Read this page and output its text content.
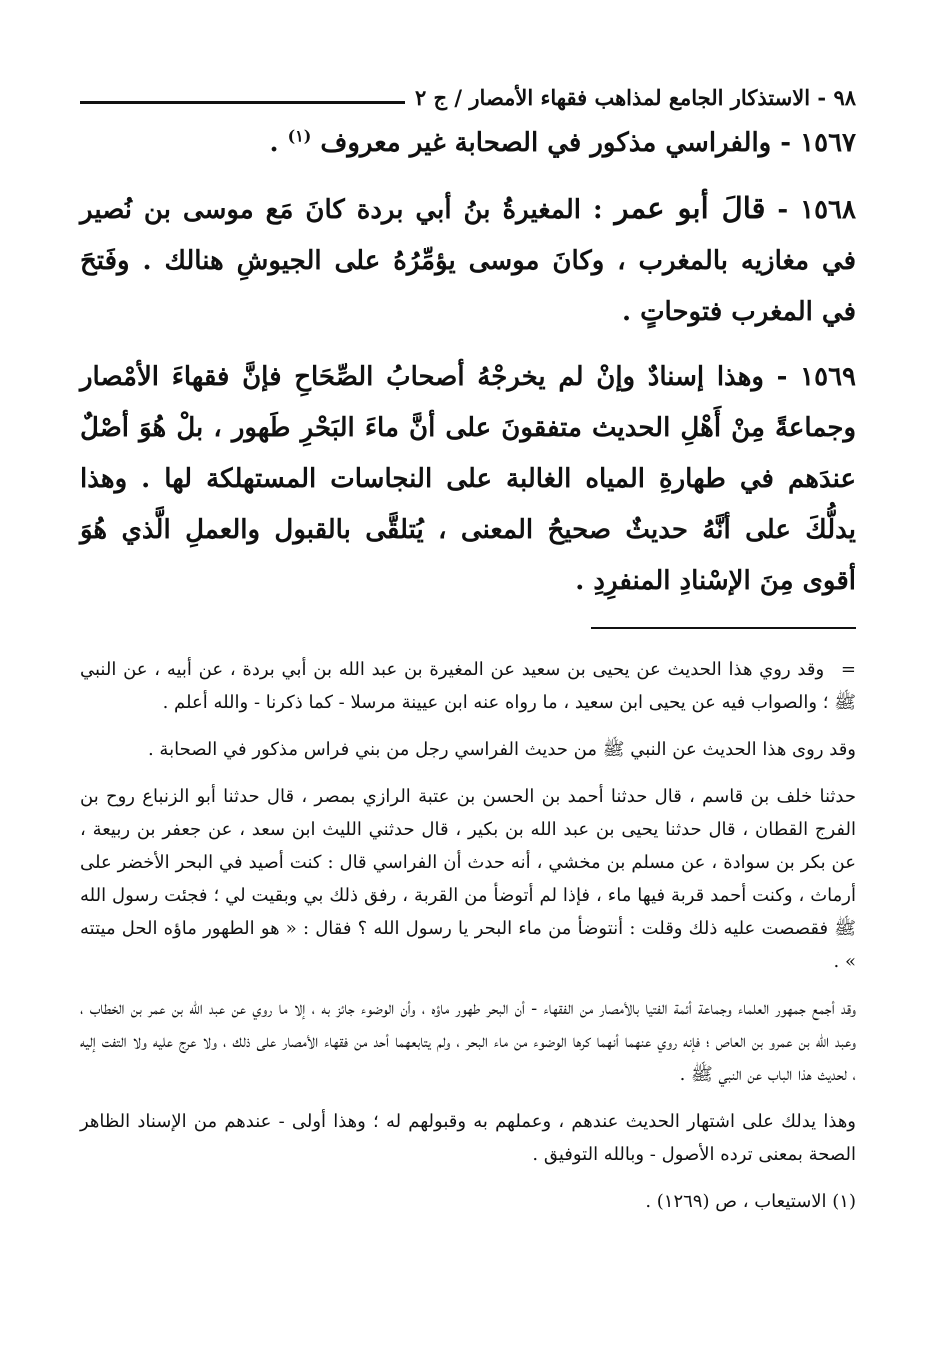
٩٨ - الاستذكار الجامع لمذاهب فقهاء الأمصار / ج ٢

١٥٦٧ - والفراسي مذكور في الصحابة غير معروف $^{(١)}$ .

١٥٦٨ - قالَ أبو عمر : المغيرةُ بنُ أبي بردة كانَ مَع موسى بن نُصير في مغازيه بالمغرب ، وكانَ موسى يؤمِّرُهُ على الجيوشِ هنالك . وفَتحَ في المغرب فتوحاتٍ .

١٥٦٩ - وهذا إسنادٌ وإنْ لم يخرجْهُ أصحابُ الصِّحَاحِ فإنَّ فقهاءَ الأمْصار وجماعةً مِنْ أَهْلِ الحديث متفقونَ على أنَّ ماءَ البَحْرِ طَهور ، بلْ هُوَ أصْلٌ عندَهم في طهارةِ المياه الغالبة على النجاسات المستهلكة لها . وهذا يدلُّكَ على أنَّهُ حديثٌ صحيحُ المعنى ، يُتلقَّى بالقبول والعملِ الَّذي هُوَ أقوى مِنَ الإسْنادِ المنفرِدِ .

= وقد روي هذا الحديث عن يحيى بن سعيد عن المغيرة بن عبد الله بن أبي بردة ، عن أبيه ، عن النبي ﷺ ؛ والصواب فيه عن يحيى ابن سعيد ، ما رواه عنه ابن عيينة مرسلا - كما ذكرنا - والله أعلم .

وقد روى هذا الحديث عن النبي ﷺ من حديث الفراسي رجل من بني فراس مذكور في الصحابة .

حدثنا خلف بن قاسم ، قال حدثنا أحمد بن الحسن بن عتبة الرازي بمصر ، قال حدثنا أبو الزنباع روح بن الفرج القطان ، قال حدثنا يحيى بن عبد الله بن بكير ، قال حدثني الليث ابن سعد ، عن جعفر بن ربيعة ، عن بكر بن سوادة ، عن مسلم بن مخشي ، أنه حدث أن الفراسي قال : كنت أصيد في البحر الأخضر على أرماث ، وكنت أحمد قربة فيها ماء ، فإذا لم أتوضأ من القربة ، رفق ذلك بي وبقيت لي ؛ فجئت رسول الله ﷺ فقصصت عليه ذلك وقلت : أنتوضأ من ماء البحر يا رسول الله ؟ فقال : « هو الطهور ماؤه الحل ميتته » .

وقد أجمع جمهور العلماء وجماعة أئمة الفتيا بالأمصار من الفقهاء - أن البحر طهور ماؤه ، وأن الوضوء جائز به ، إلا ما روي عن عبد الله بن عمر بن الخطاب ، وعبد الله بن عمرو بن العاص ؛ فإنه روي عنهما أنهما كرها الوضوء من ماء البحر ، ولم يتابعهما أحد من فقهاء الأمصار على ذلك ، ولا عرج عليه ولا التفت إليه ، لحديث هذا الباب عن النبي ﷺ .

وهذا يدلك على اشتهار الحديث عندهم ، وعملهم به وقبولهم له ؛ وهذا أولى - عندهم من الإسناد الظاهر الصحة بمعنى ترده الأصول - وبالله التوفيق .

(١) الاستيعاب ، ص (١٢٦٩) .
